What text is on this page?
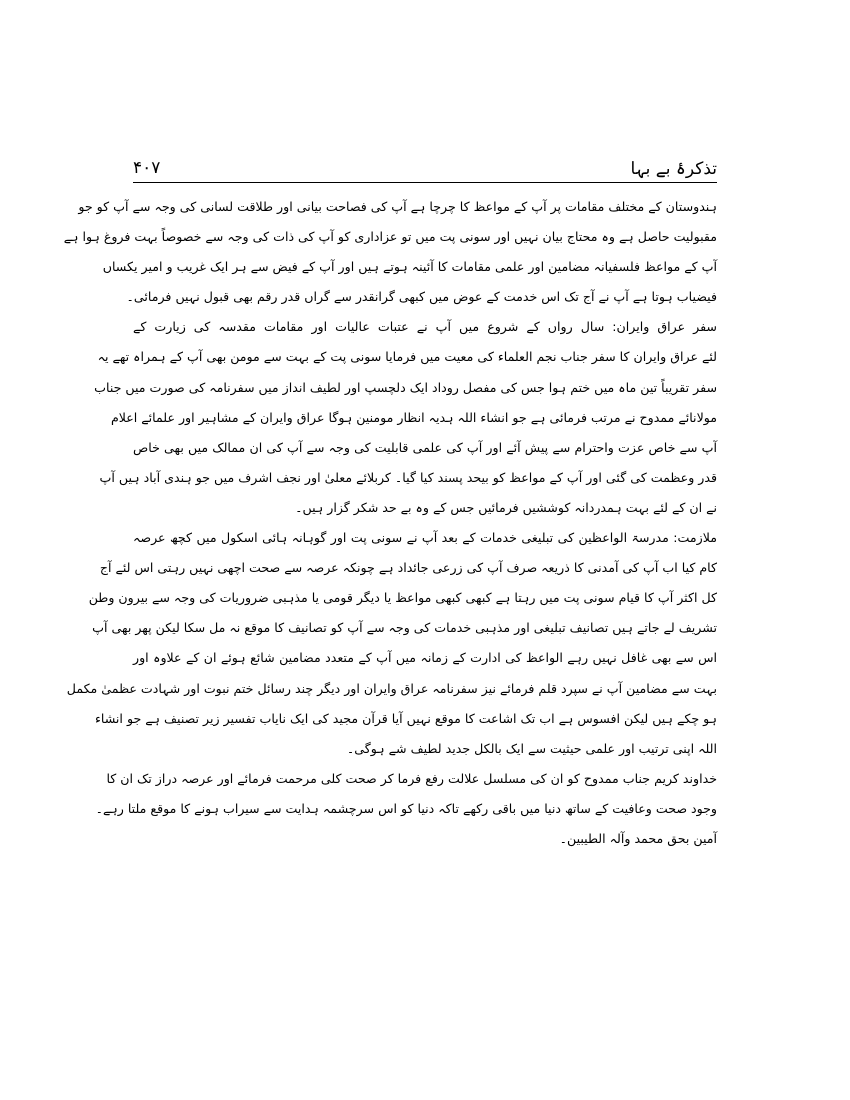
تذکرۂ بے بہا
۴۰۷
ہندوستان کے مختلف مقامات پر آپ کے مواعظ کا چرچا ہے آپ کی فصاحت بیانی اور طلاقت لسانی کی وجہ سے آپ کو جو
مقبولیت حاصل ہے وہ محتاج بیان نہیں اور سونی پت میں تو عزاداری کو آپ کی ذات کی وجہ سے خصوصاً بہت فروغ ہوا ہے
آپ کے مواعظ فلسفیانہ مضامین اور علمی مقامات کا آئینہ ہوتے ہیں اور آپ کے فیض سے ہر ایک غریب و امیر یکساں
فیضیاب ہوتا ہے آپ نے آج تک اس خدمت کے عوض میں کبھی گرانقدر سے گراں قدر رقم بھی قبول نہیں فرمائی۔
سفر عراق وایران: سال رواں کے شروع میں آپ نے عتبات عالیات اور مقامات مقدسہ کی زیارت کے
لئے عراق وایران کا سفر جناب نجم العلماء کی معیت میں فرمایا سونی پت کے بہت سے مومن بھی آپ کے ہمراہ تھے یہ
سفر تقریباً تین ماہ میں ختم ہوا جس کی مفصل روداد ایک دلچسپ اور لطیف انداز میں سفرنامہ کی صورت میں جناب
مولانائے ممدوح نے مرتب فرمائی ہے جو انشاء اللہ ہدیہ انظار مومنین ہوگا عراق وایران کے مشاہیر اور علمائے اعلام
آپ سے خاص عزت واحترام سے پیش آئے اور آپ کی علمی قابلیت کی وجہ سے آپ کی ان ممالک میں بھی خاص
قدر وعظمت کی گئی اور آپ کے مواعظ کو بیحد پسند کیا گیا۔ کربلائے معلیٰ اور نجف اشرف میں جو ہندی آباد ہیں آپ
نے ان کے لئے بہت ہمدردانہ کوششیں فرمائیں جس کے وہ بے حد شکر گزار ہیں۔
ملازمت: مدرسۃ الواعظین کی تبلیغی خدمات کے بعد آپ نے سونی پت اور گوہانہ ہائی اسکول میں کچھ عرصہ
کام کیا اب آپ کی آمدنی کا ذریعہ صرف آپ کی زرعی جائداد ہے چونکہ عرصہ سے صحت اچھی نہیں رہتی اس لئے آج
کل اکثر آپ کا قیام سونی پت میں رہتا ہے کبھی کبھی مواعظ یا دیگر قومی یا مذہبی ضروریات کی وجہ سے بیرون وطن
تشریف لے جاتے ہیں تصانیف تبلیغی اور مذہبی خدمات کی وجہ سے آپ کو تصانیف کا موقع نہ مل سکا لیکن پھر بھی آپ
اس سے بھی غافل نہیں رہے الواعظ کی ادارت کے زمانہ میں آپ کے متعدد مضامین شائع ہوئے ان کے علاوہ اور
بہت سے مضامین آپ نے سپرد قلم فرمائے نیز سفرنامہ عراق وایران اور دیگر چند رسائل ختم نبوت اور شہادت عظمیٰ مکمل
ہو چکے ہیں لیکن افسوس ہے اب تک اشاعت کا موقع نہیں آیا قرآن مجید کی ایک نایاب تفسیر زیر تصنیف ہے جو انشاء
اللہ اپنی ترتیب اور علمی حیثیت سے ایک بالکل جدید لطیف شے ہوگی۔
خداوند کریم جناب ممدوح کو ان کی مسلسل علالت رفع فرما کر صحت کلی مرحمت فرمائے اور عرصہ دراز تک ان کا
وجود صحت وعافیت کے ساتھ دنیا میں باقی رکھے تاکہ دنیا کو اس سرچشمہ ہدایت سے سیراب ہونے کا موقع ملتا رہے۔
آمین بحق محمد وآلہ الطیبین۔
